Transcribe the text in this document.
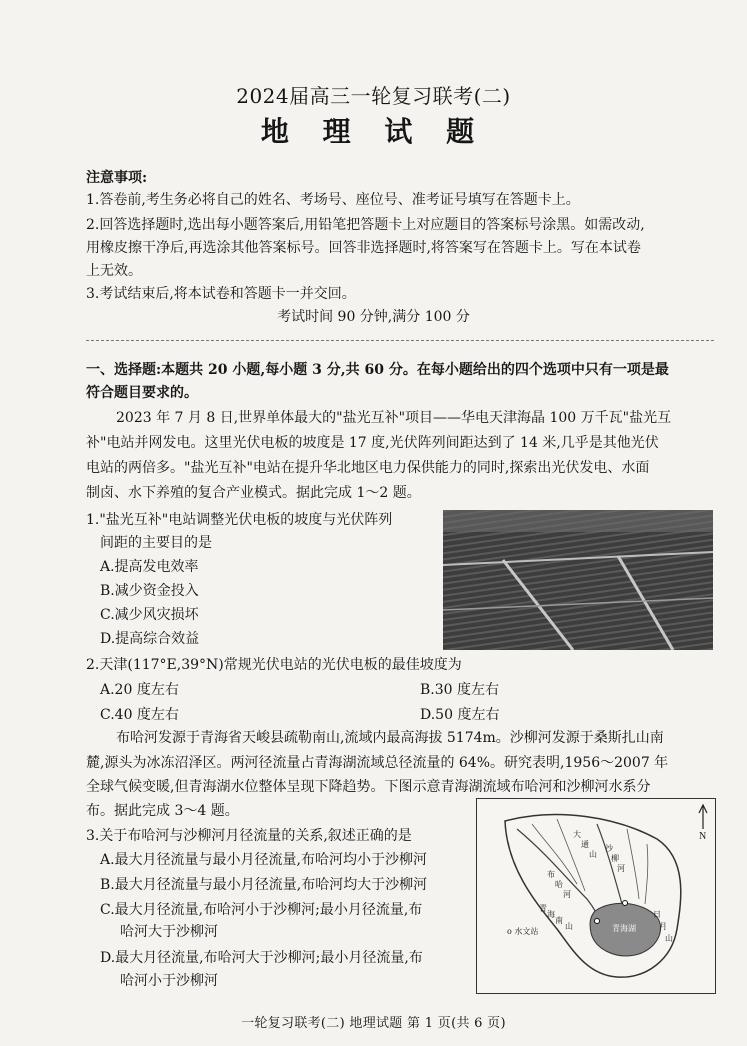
2024届高三一轮复习联考(二)
地 理 试 题
注意事项:
1.答卷前,考生务必将自己的姓名、考场号、座位号、准考证号填写在答题卡上。
2.回答选择题时,选出每小题答案后,用铅笔把答题卡上对应题目的答案标号涂黑。如需改动,
用橡皮擦干净后,再选涂其他答案标号。回答非选择题时,将答案写在答题卡上。写在本试卷
上无效。
3.考试结束后,将本试卷和答题卡一并交回。
考试时间 90 分钟,满分 100 分
一、选择题:本题共 20 小题,每小题 3 分,共 60 分。在每小题给出的四个选项中只有一项是最
符合题目要求的。
2023 年 7 月 8 日,世界单体最大的"盐光互补"项目——华电天津海晶 100 万千瓦"盐光互
补"电站并网发电。这里光伏电板的坡度是 17 度,光伏阵列间距达到了 14 米,几乎是其他光伏
电站的两倍多。"盐光互补"电站在提升华北地区电力保供能力的同时,探索出光伏发电、水面
制卤、水下养殖的复合产业模式。据此完成 1～2 题。
1."盐光互补"电站调整光伏电板的坡度与光伏阵列
间距的主要目的是
A.提高发电效率
B.减少资金投入
C.减少风灾损坏
D.提高综合效益
2.天津(117°E,39°N)常规光伏电站的光伏电板的最佳坡度为
A.20 度左右	B.30 度左右
C.40 度左右	D.50 度左右
布哈河发源于青海省天峻县疏勒南山,流域内最高海拔 5174m。沙柳河发源于桑斯扎山南
麓,源头为冰冻沼泽区。两河径流量占青海湖流域总径流量的 64%。研究表明,1956～2007 年
全球气候变暖,但青海湖水位整体呈现下降趋势。下图示意青海湖流域布哈河和沙柳河水系分
布。据此完成 3～4 题。
3.关于布哈河与沙柳河月径流量的关系,叙述正确的是
A.最大月径流量与最小月径流量,布哈河均小于沙柳河
B.最大月径流量与最小月径流量,布哈河均大于沙柳河
C.最大月径流量,布哈河小于沙柳河;最小月径流量,布
哈河大于沙柳河
D.最大月径流量,布哈河大于沙柳河;最小月径流量,布
哈河小于沙柳河
N
青海湖
o 水文站
大
通
山
沙
柳
河
布
哈
河
青
海
南
山
日
月
山
一轮复习联考(二) 地理试题 第 1 页(共 6 页)
